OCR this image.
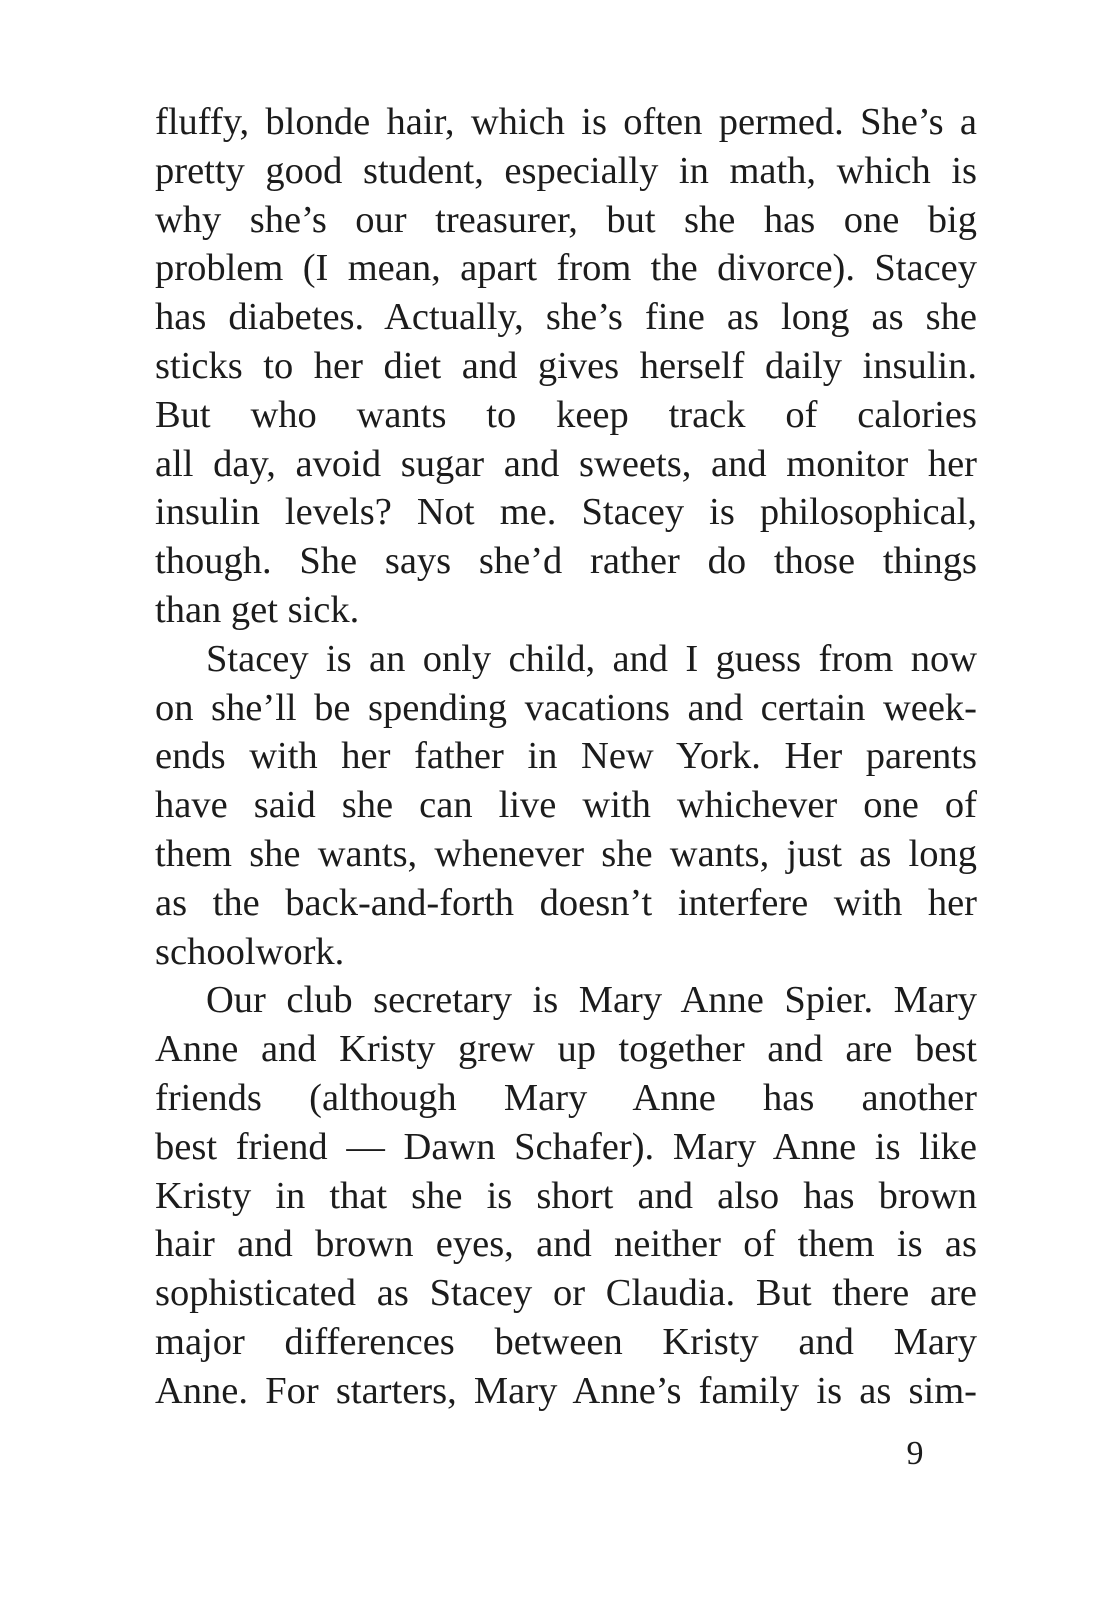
fluffy, blonde hair, which is often permed. She’s a
pretty good student, especially in math, which is
why she’s our treasurer, but she has one big
problem (I mean, apart from the divorce). Stacey
has diabetes. Actually, she’s fine as long as she
sticks to her diet and gives herself daily insulin.
But who wants to keep track of calories
all day, avoid sugar and sweets, and monitor her
insulin levels? Not me. Stacey is philosophical,
though. She says she’d rather do those things
than get sick.
Stacey is an only child, and I guess from now
on she’ll be spending vacations and certain week-
ends with her father in New York. Her parents
have said she can live with whichever one of
them she wants, whenever she wants, just as long
as the back-and-forth doesn’t interfere with her
schoolwork.
Our club secretary is Mary Anne Spier. Mary
Anne and Kristy grew up together and are best
friends (although Mary Anne has another
best friend — Dawn Schafer). Mary Anne is like
Kristy in that she is short and also has brown
hair and brown eyes, and neither of them is as
sophisticated as Stacey or Claudia. But there are
major differences between Kristy and Mary
Anne. For starters, Mary Anne’s family is as sim-
9
